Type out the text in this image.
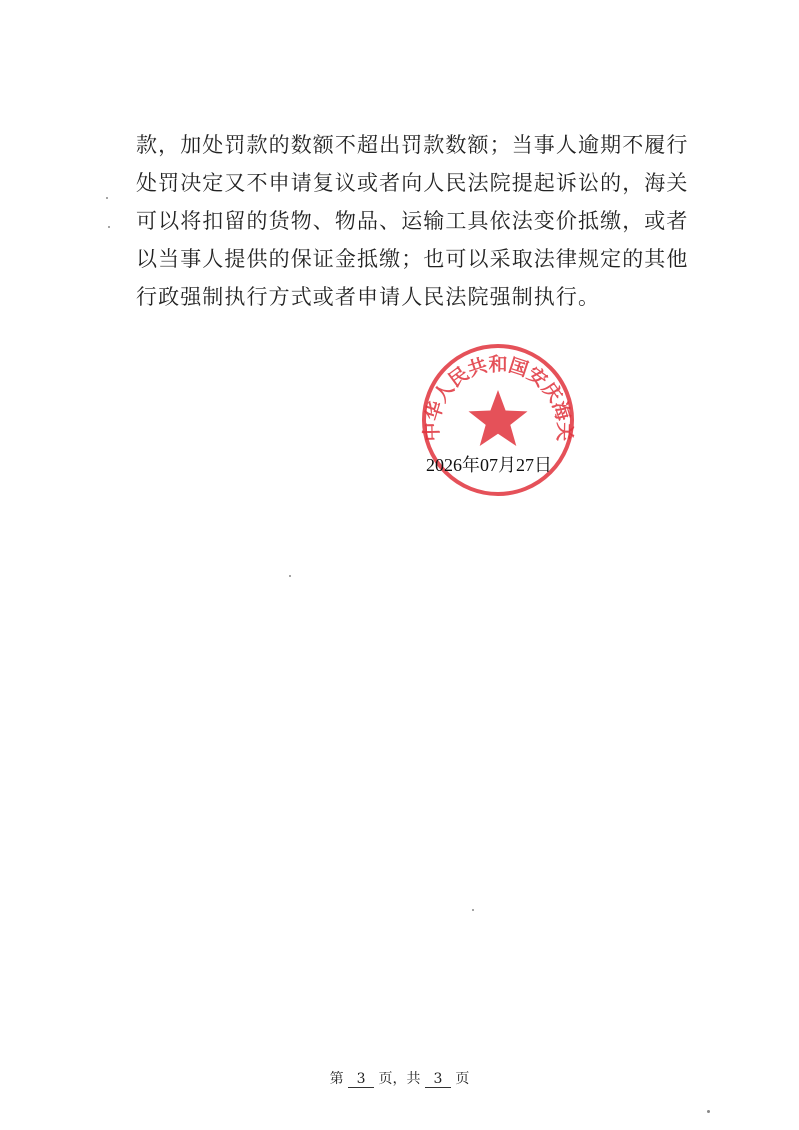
款，加处罚款的数额不超出罚款数额；当事人逾期不履行
处罚决定又不申请复议或者向人民法院提起诉讼的，海关
可以将扣留的货物、物品、运输工具依法变价抵缴，或者
以当事人提供的保证金抵缴；也可以采取法律规定的其他
行政强制执行方式或者申请人民法院强制执行。
中华人民共和国安庆海关
2026年07月27日
第 3 页，共 3 页
